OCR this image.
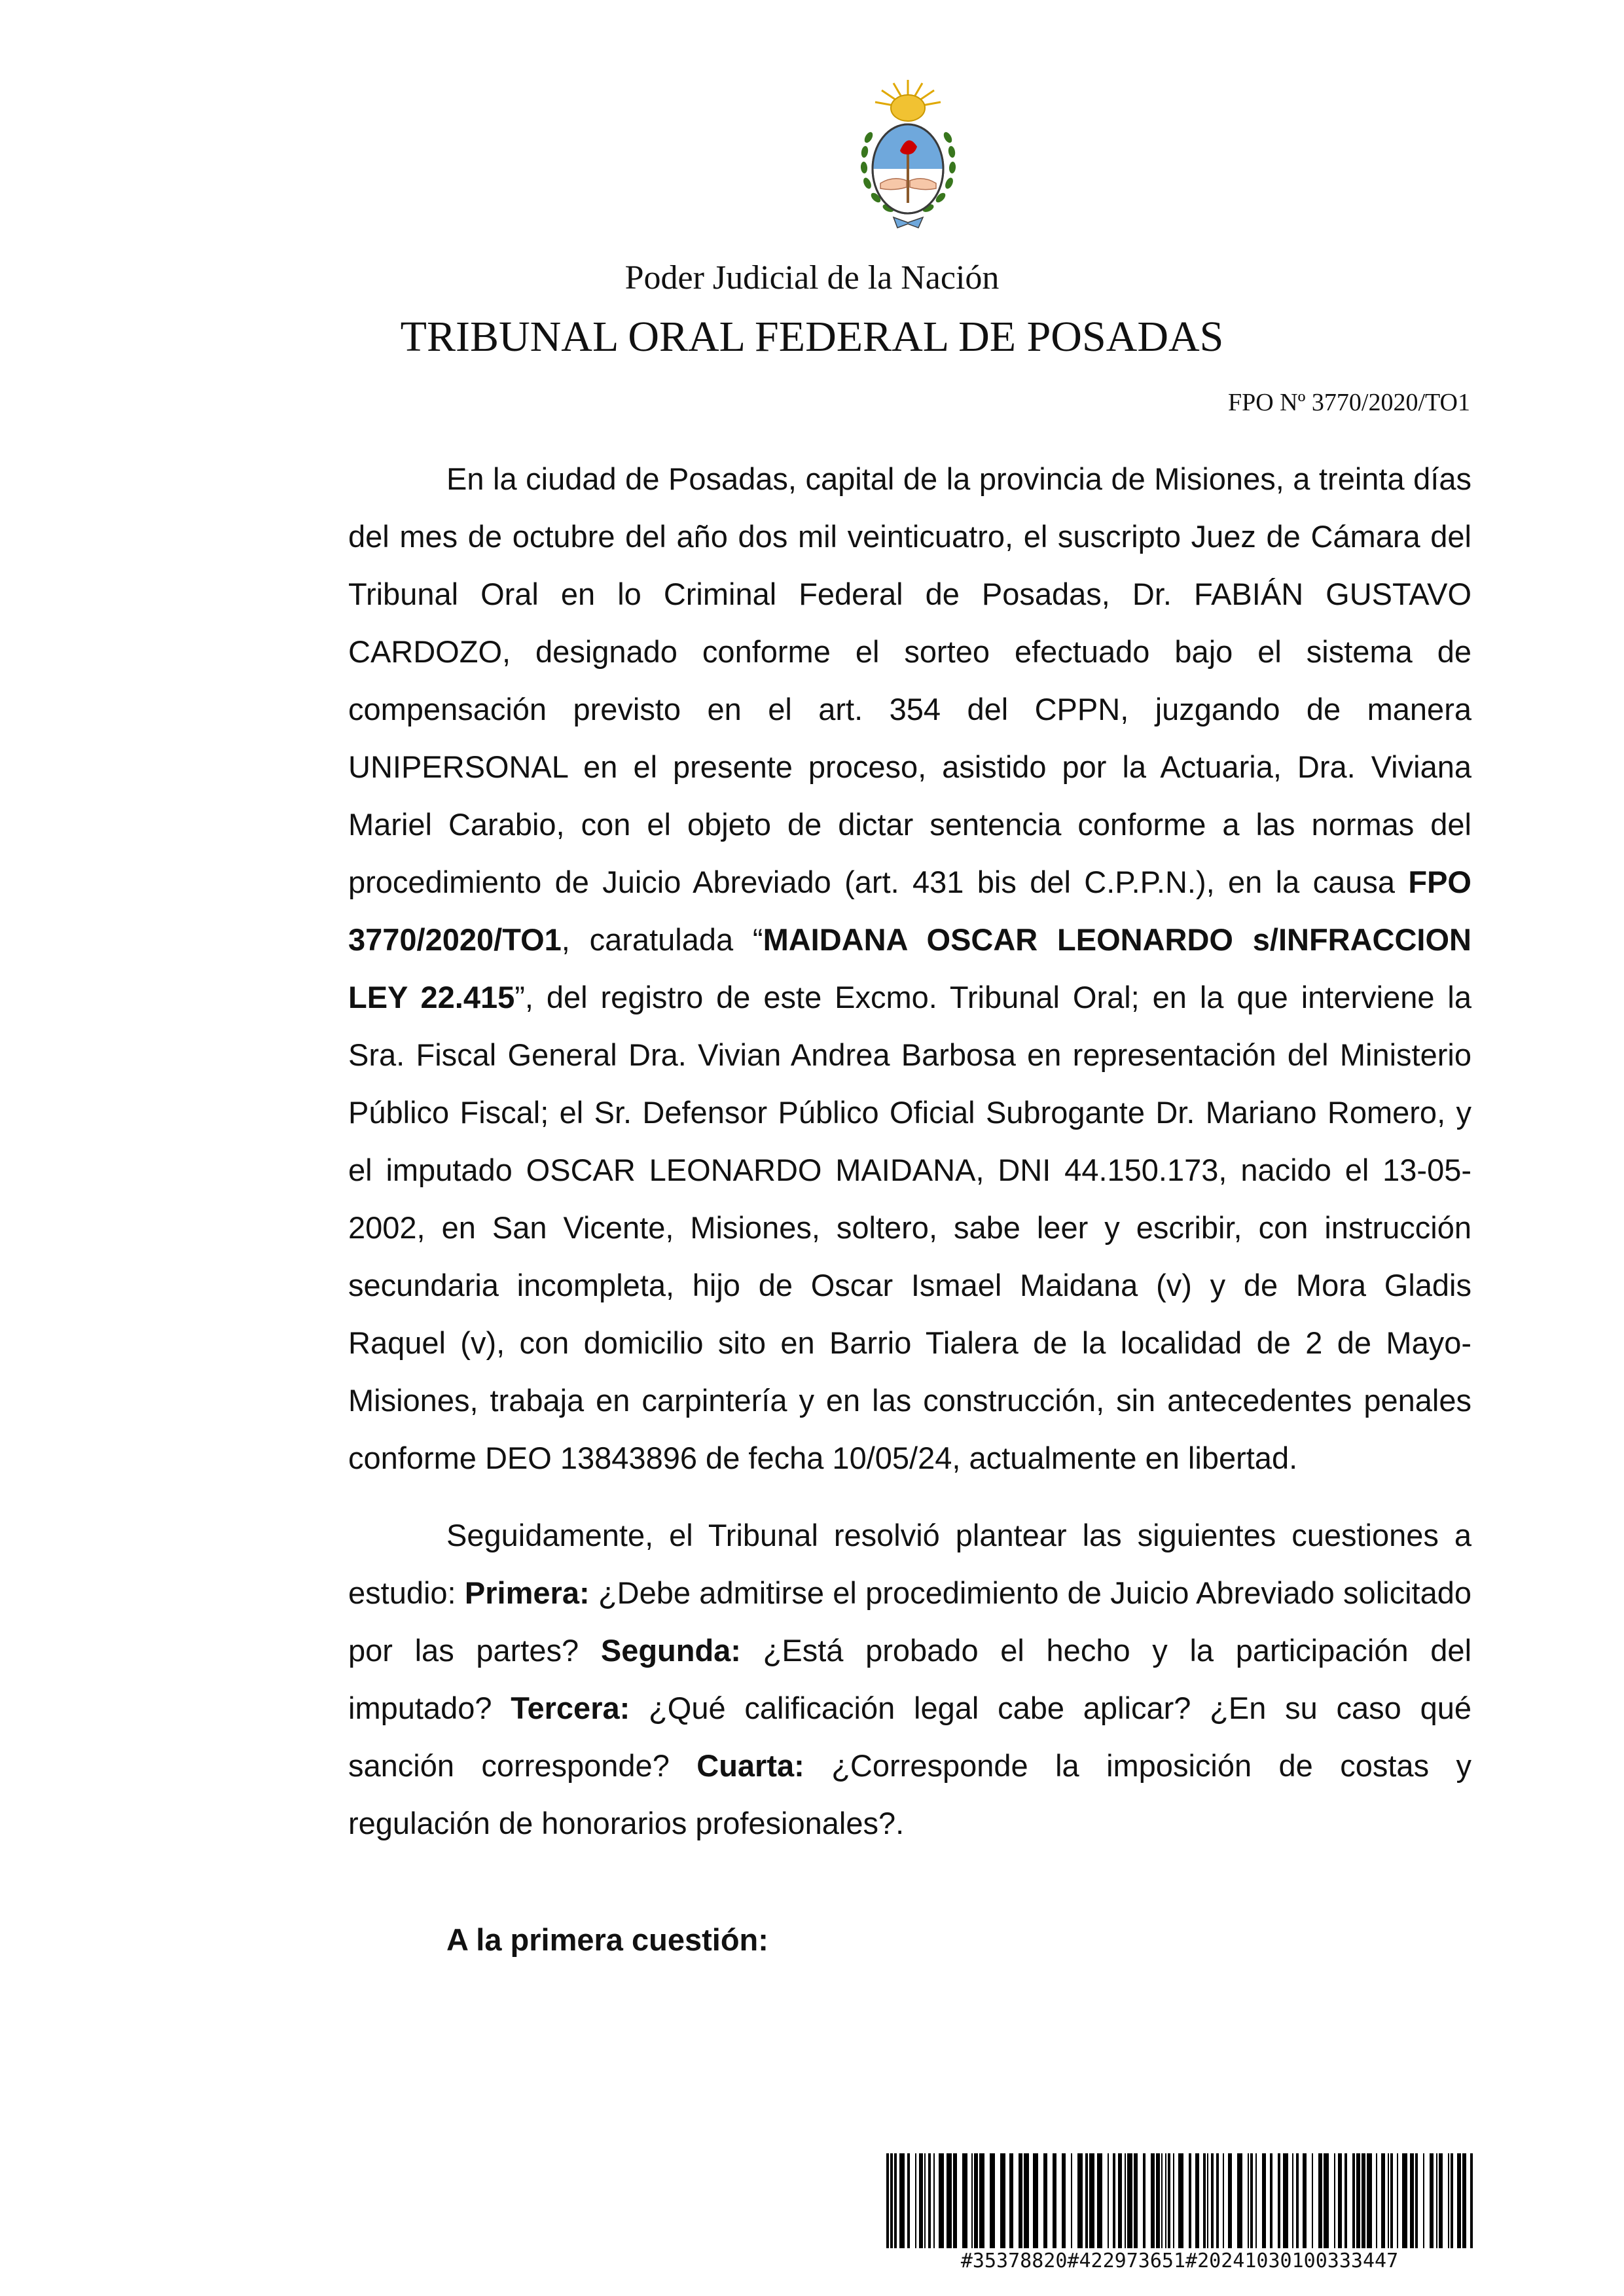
Poder Judicial de la Nación
TRIBUNAL ORAL FEDERAL DE POSADAS
FPO Nº 3770/2020/TO1

En la ciudad de Posadas, capital de la provincia de Misiones, a treinta días del mes de octubre del año dos mil veinticuatro, el suscripto Juez de Cámara del Tribunal Oral en lo Criminal Federal de Posadas, Dr. FABIÁN GUSTAVO CARDOZO, designado conforme el sorteo efectuado bajo el sistema de compensación previsto en el art. 354 del CPPN, juzgando de manera UNIPERSONAL en el presente proceso, asistido por la Actuaria, Dra. Viviana Mariel Carabio, con el objeto de dictar sentencia conforme a las normas del procedimiento de Juicio Abreviado (art. 431 bis del C.P.P.N.), en la causa FPO 3770/2020/TO1, caratulada “MAIDANA OSCAR LEONARDO s/INFRACCION LEY 22.415”, del registro de este Excmo. Tribunal Oral; en la que interviene la Sra. Fiscal General Dra. Vivian Andrea Barbosa en representación del Ministerio Público Fiscal; el Sr. Defensor Público Oficial Subrogante Dr. Mariano Romero, y el imputado OSCAR LEONARDO MAIDANA, DNI 44.150.173, nacido el 13-05-2002, en San Vicente, Misiones, soltero, sabe leer y escribir, con instrucción secundaria incompleta, hijo de Oscar Ismael Maidana (v) y de Mora Gladis Raquel (v), con domicilio sito en Barrio Tialera de la localidad de 2 de Mayo- Misiones, trabaja en carpintería y en las construcción, sin antecedentes penales conforme DEO 13843896 de fecha 10/05/24, actualmente en libertad.

Seguidamente, el Tribunal resolvió plantear las siguientes cuestiones a estudio: Primera: ¿Debe admitirse el procedimiento de Juicio Abreviado solicitado por las partes? Segunda: ¿Está probado el hecho y la participación del imputado? Tercera: ¿Qué calificación legal cabe aplicar? ¿En su caso qué sanción corresponde? Cuarta: ¿Corresponde la imposición de costas y regulación de honorarios profesionales?.

A la primera cuestión:
#35378820#422973651#20241030100333447
